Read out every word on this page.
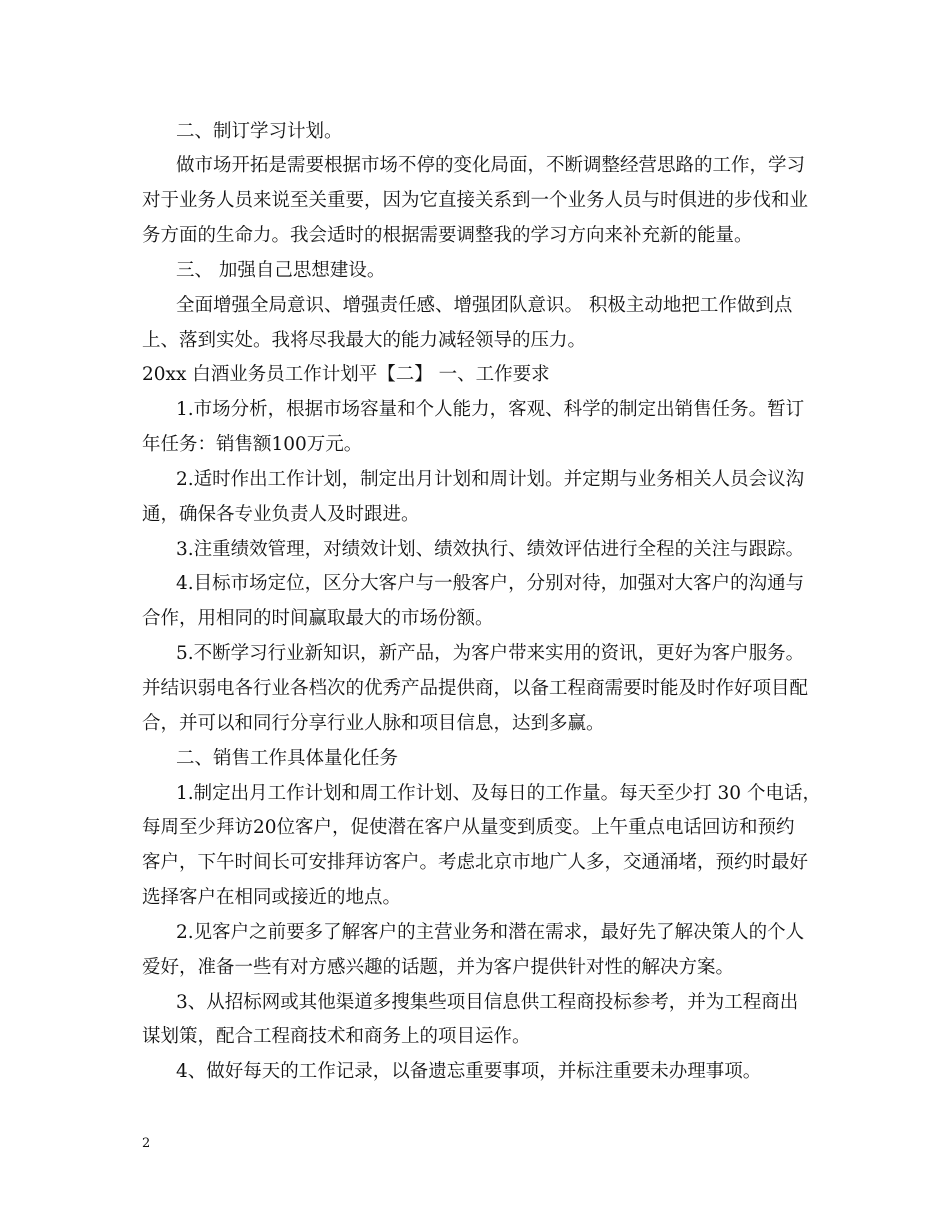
二、制订学习计划。
做市场开拓是需要根据市场不停的变化局面，不断调整经营思路的工作，学习
对于业务人员来说至关重要，因为它直接关系到一个业务人员与时俱进的步伐和业
务方面的生命力。我会适时的根据需要调整我的学习方向来补充新的能量。
三、 加强自己思想建设。
全面增强全局意识、增强责任感、增强团队意识。 积极主动地把工作做到点
上、落到实处。我将尽我最大的能力减轻领导的压力。
20xx 白酒业务员工作计划平【二】 一、工作要求
1.市场分析，根据市场容量和个人能力，客观、科学的制定出销售任务。暂订
年任务：销售额100万元。
2.适时作出工作计划，制定出月计划和周计划。并定期与业务相关人员会议沟
通，确保各专业负责人及时跟进。
3.注重绩效管理，对绩效计划、绩效执行、绩效评估进行全程的关注与跟踪。
4.目标市场定位，区分大客户与一般客户，分别对待，加强对大客户的沟通与
合作，用相同的时间赢取最大的市场份额。
5.不断学习行业新知识，新产品，为客户带来实用的资讯，更好为客户服务。
并结识弱电各行业各档次的优秀产品提供商，以备工程商需要时能及时作好项目配
合，并可以和同行分享行业人脉和项目信息，达到多赢。
二、销售工作具体量化任务
1.制定出月工作计划和周工作计划、及每日的工作量。每天至少打 30 个电话，
每周至少拜访20位客户，促使潜在客户从量变到质变。上午重点电话回访和预约
客户，下午时间长可安排拜访客户。考虑北京市地广人多，交通涌堵，预约时最好
选择客户在相同或接近的地点。
2.见客户之前要多了解客户的主营业务和潜在需求，最好先了解决策人的个人
爱好，准备一些有对方感兴趣的话题，并为客户提供针对性的解决方案。
3、从招标网或其他渠道多搜集些项目信息供工程商投标参考，并为工程商出
谋划策，配合工程商技术和商务上的项目运作。
4、做好每天的工作记录，以备遗忘重要事项，并标注重要未办理事项。
2
